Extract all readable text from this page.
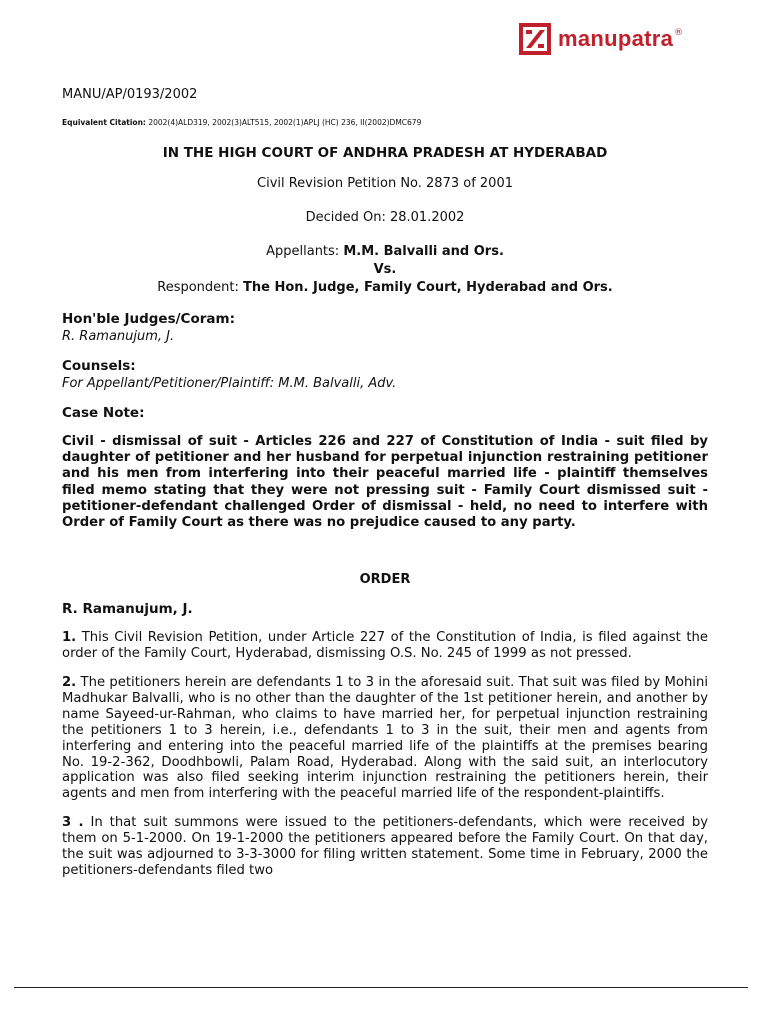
manupatra ®
MANU/AP/0193/2002
Equivalent Citation: 2002(4)ALD319, 2002(3)ALT515, 2002(1)APLJ (HC) 236, II(2002)DMC679
IN THE HIGH COURT OF ANDHRA PRADESH AT HYDERABAD
Civil Revision Petition No. 2873 of 2001
Decided On: 28.01.2002
Appellants: M.M. Balvalli and Ors.
Vs.
Respondent: The Hon. Judge, Family Court, Hyderabad and Ors.
Hon'ble Judges/Coram:
R. Ramanujum, J.
Counsels:
For Appellant/Petitioner/Plaintiff: M.M. Balvalli, Adv.
Case Note:
Civil - dismissal of suit - Articles 226 and 227 of Constitution of India - suit filed by daughter of petitioner and her husband for perpetual injunction restraining petitioner and his men from interfering into their peaceful married life - plaintiff themselves filed memo stating that they were not pressing suit - Family Court dismissed suit - petitioner-defendant challenged Order of dismissal - held, no need to interfere with Order of Family Court as there was no prejudice caused to any party.
ORDER
R. Ramanujum, J.
1. This Civil Revision Petition, under Article 227 of the Constitution of India, is filed against the order of the Family Court, Hyderabad, dismissing O.S. No. 245 of 1999 as not pressed.
2. The petitioners herein are defendants 1 to 3 in the aforesaid suit. That suit was filed by Mohini Madhukar Balvalli, who is no other than the daughter of the 1st petitioner herein, and another by name Sayeed-ur-Rahman, who claims to have married her, for perpetual injunction restraining the petitioners 1 to 3 herein, i.e., defendants 1 to 3 in the suit, their men and agents from interfering and entering into the peaceful married life of the plaintiffs at the premises bearing No. 19-2-362, Doodhbowli, Palam Road, Hyderabad. Along with the said suit, an interlocutory application was also filed seeking interim injunction restraining the petitioners herein, their agents and men from interfering with the peaceful married life of the respondent-plaintiffs.
3 . In that suit summons were issued to the petitioners-defendants, which were received by them on 5-1-2000. On 19-1-2000 the petitioners appeared before the Family Court. On that day, the suit was adjourned to 3-3-3000 for filing written statement. Some time in February, 2000 the petitioners-defendants filed two
